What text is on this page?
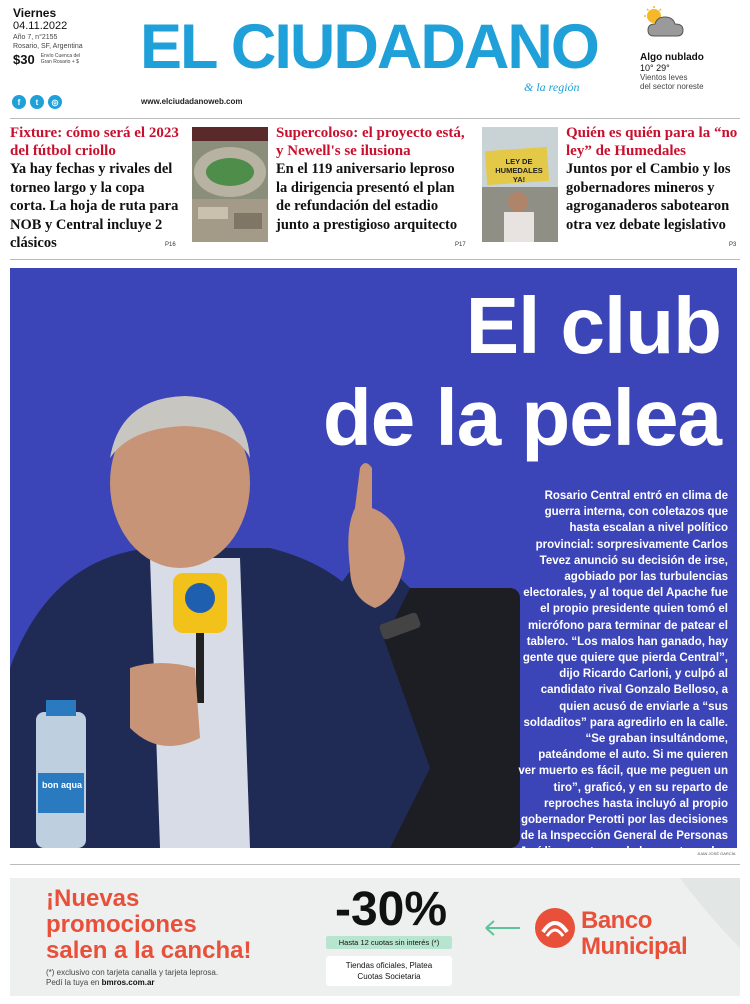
Viernes
04.11.2022
Año 7, n°2155
Rosario, SF, Argentina
$30 Envío Cuenca del Gran Rosario + $ EL CIUDADANO
& la región
f	t	◎	www.elciudadanoweb.com
Algo nublado
10° 29°
Vientos leves
del sector noreste
Fixture: cómo será el 2023 del fútbol criollo

Ya hay fechas y rivales del torneo largo y la copa corta. La hoja de ruta para NOB y Central incluye 2 clásicos	P16
Supercoloso: el proyecto está, y Newell's se ilusiona

En el 119 aniversario leproso la dirigencia presentó el plan de refundación del estadio junto a prestigioso arquitecto

P17
LEY DE HUMEDALES YA!
Quién es quién para la “no ley” de Humedales

Juntos por el Cambio y los gobernadores mineros y agroganaderos sabotearon otra vez debate legislativo

P3
bon aqua
El club
de la pelea
Rosario Central entró en clima de guerra interna, con coletazos que hasta escalan a nivel político provincial: sorpresivamente Carlos Tevez anunció su decisión de irse, agobiado por las turbulencias electorales, y al toque del Apache fue el propio presidente quien tomó el micrófono para terminar de patear el tablero. “Los malos han ganado, hay gente que quiere que pierda Central”, dijo Ricardo Carloni, y culpó al candidato rival Gonzalo Belloso, a quien acusó de enviarle a “sus soldaditos” para agredirlo en la calle. “Se graban insultándome, pateándome el auto. Si me quieren ver muerto es fácil, que me peguen un tiro”, graficó, y en su reparto de reproches hasta incluyó al propio gobernador Perotti por las decisiones de la Inspección General de Personas
JUAN JOSÉ GARCÍA
¡Nuevas
promociones
salen a la cancha!
(*) exclusivo con tarjeta canalla y tarjeta leprosa.
Pedí la tuya en bmros.com.ar
-30%
Hasta 12 cuotas sin interés (*)
Tiendas oficiales, Platea
Cuotas Societaria
Banco
Municipal
